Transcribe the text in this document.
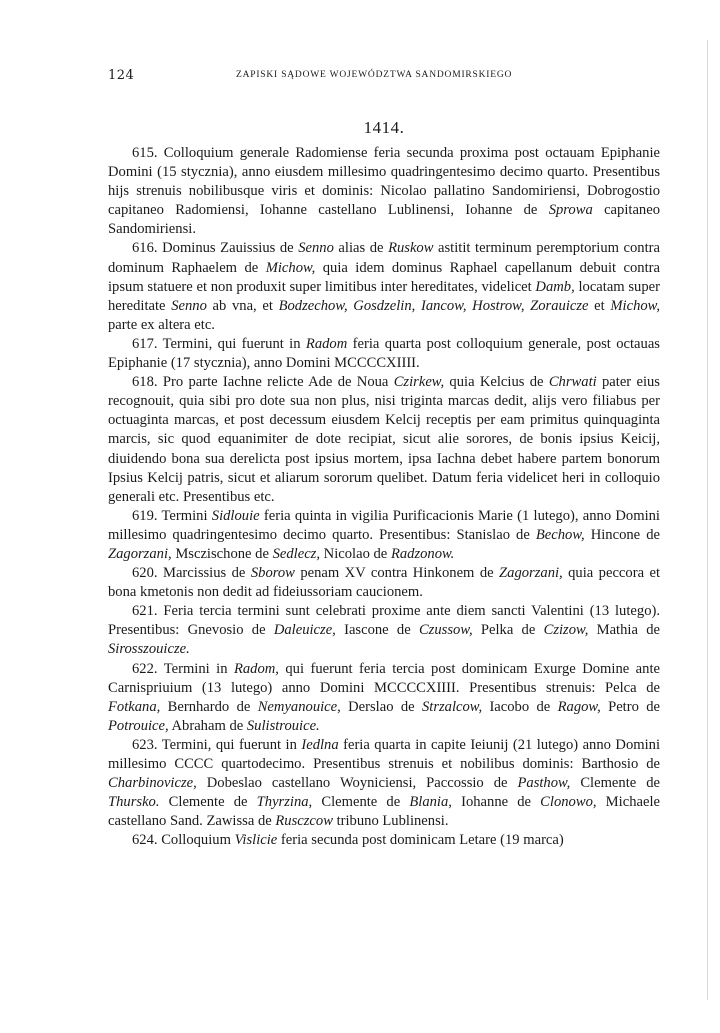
124	ZAPISKI SĄDOWE WOJEWÓDZTWA SANDOMIRSKIEGO
1414.

615. Colloquium generale Radomiense feria secunda proxima post octauam Epiphanie Domini (15 stycznia), anno eiusdem millesimo quadringentesimo decimo quarto. Presentibus hijs strenuis nobilibusque viris et dominis: Nicolao pallatino Sandomiriensi, Dobrogostio capitaneo Radomiensi, Iohanne castellano Lublinensi, Iohanne de Sprowa capitaneo Sandomiriensi.

616. Dominus Zauissius de Senno alias de Ruskow astitit terminum peremptorium contra dominum Raphaelem de Michow, quia idem dominus Raphael capellanum debuit contra ipsum statuere et non produxit super limitibus inter hereditates, videlicet Damb, locatam super hereditate Senno ab vna, et Bodzechow, Gosdzelin, Iancow, Hostrow, Zorauicze et Michow, parte ex altera etc.

617. Termini, qui fuerunt in Radom feria quarta post colloquium generale, post octauas Epiphanie (17 stycznia), anno Domini MCCCCXIIII.

618. Pro parte Iachne relicte Ade de Noua Czirkew, quia Kelcius de Chrwati pater eius recognouit, quia sibi pro dote sua non plus, nisi triginta marcas dedit, alijs vero filiabus per octuaginta marcas, et post decessum eiusdem Kelcij receptis per eam primitus quinquaginta marcis, sic quod equanimiter de dote recipiat, sicut alie sorores, de bonis ipsius Keicij, diuidendo bona sua derelicta post ipsius mortem, ipsa Iachna debet habere partem bonorum Ipsius Kelcij patris, sicut et aliarum sororum quelibet. Datum feria videlicet heri in colloquio generali etc. Presentibus etc.

619. Termini Sidlouie feria quinta in vigilia Purificacionis Marie (1 lutego), anno Domini millesimo quadringentesimo decimo quarto. Presentibus: Stanislao de Bechow, Hincone de Zagorzani, Msczischone de Sedlecz, Nicolao de Radzonow.

620. Marcissius de Sborow penam XV contra Hinkonem de Zagorzani, quia peccora et bona kmetonis non dedit ad fideiussoriam caucionem.

621. Feria tercia termini sunt celebrati proxime ante diem sancti Valentini (13 lutego). Presentibus: Gnevosio de Daleuicze, Iascone de Czussow, Pelka de Czizow, Mathia de Sirosszouicze.

622. Termini in Radom, qui fuerunt feria tercia post dominicam Exurge Domine ante Carnispriuium (13 lutego) anno Domini MCCCCXIIII. Presentibus strenuis: Pelca de Fotkana, Bernhardo de Nemyanouice, Derslao de Strzalcow, Iacobo de Ragow, Petro de Potrouice, Abraham de Sulistrouice.

623. Termini, qui fuerunt in Iedlna feria quarta in capite Ieiunij (21 lutego) anno Domini millesimo CCCC quartodecimo. Presentibus strenuis et nobilibus dominis: Barthosio de Charbinovicze, Dobeslao castellano Woyniciensi, Paccossio de Pasthow, Clemente de Thursko. Clemente de Thyrzina, Clemente de Blania, Iohanne de Clonowo, Michaele castellano Sand. Zawissa de Rusczcow tribuno Lublinensi.

624. Colloquium Vislicie feria secunda post dominicam Letare (19 marca)
